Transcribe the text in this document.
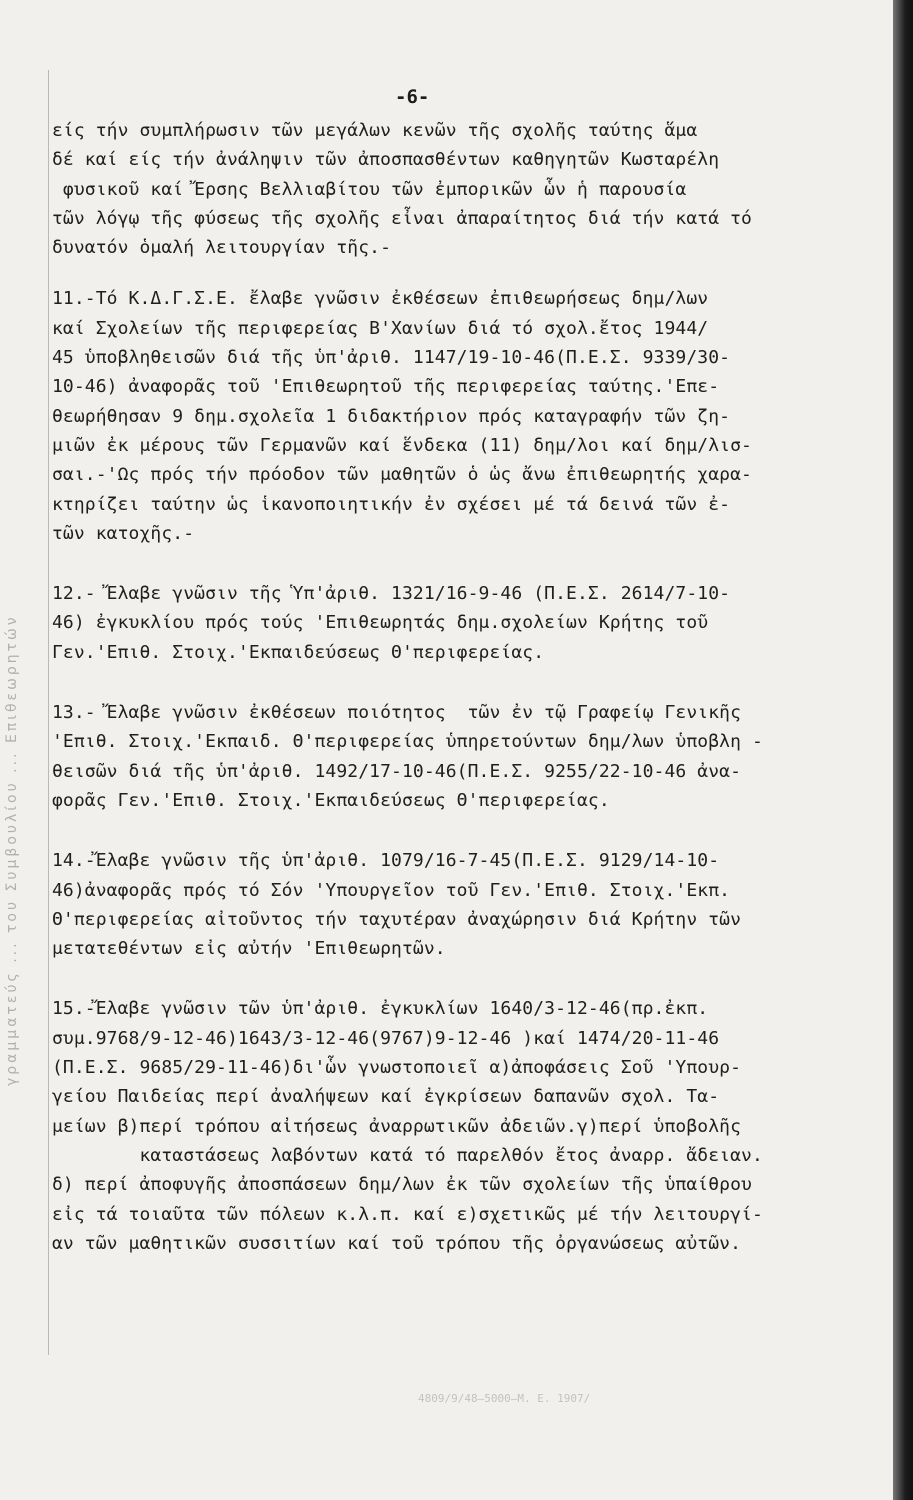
γραμματεύς ... του Συμβουλίου ... Επιθεωρητών
-6-
είς τήν συμπλήρωσιν τῶν μεγάλων κενῶν τῆς σχολῆς ταύτης ἅμα
δέ καί είς τήν ἀνάληψιν τῶν ἀποσπασθέντων καθηγητῶν Κωσταρέλη
φυσικοῦ καί Ἔρσης Βελλιαβίτου τῶν ἐμπορικῶν ὧν ἡ παρουσία
τῶν λόγῳ τῆς φύσεως τῆς σχολῆς εἶναι ἀπαραίτητος διά τήν κατά τό
δυνατόν ὁμαλή λειτουργίαν τῆς.-
11.-Τό Κ.Δ.Γ.Σ.Ε. ἔλαβε γνῶσιν ἐκθέσεων ἐπιθεωρήσεως δημ/λων
καί Σχολείων τῆς περιφερείας Β'Χανίων διά τό σχολ.ἔτος 1944/
45 ὑποβληθεισῶν διά τῆς ὑπ'ἀριθ. 1147/19-10-46(Π.Ε.Σ. 9339/30-
10-46) ἀναφορᾶς τοῦ 'Επιθεωρητοῦ τῆς περιφερείας ταύτης.'Επε-
θεωρήθησαν 9 δημ.σχολεῖα 1 διδακτήριον πρός καταγραφήν τῶν ζη-
μιῶν ἐκ μέρους τῶν Γερμανῶν καί ἕνδεκα (11) δημ/λοι καί δημ/λισ-
σαι.-'Ως πρός τήν πρόοδον τῶν μαθητῶν ὁ ὡς ἄνω ἐπιθεωρητής χαρα-
κτηρίζει ταύτην ὡς ἱκανοποιητικήν ἐν σχέσει μέ τά δεινά τῶν ἐ-
τῶν κατοχῆς.-
12.- Ἔλαβε γνῶσιν τῆς Ὑπ'ἀριθ. 1321/16-9-46 (Π.Ε.Σ. 2614/7-10-
46) ἐγκυκλίου πρός τούς 'Επιθεωρητάς δημ.σχολείων Κρήτης τοῦ
Γεν.'Επιθ. Στοιχ.'Εκπαιδεύσεως Θ'περιφερείας.
13.- Ἔλαβε γνῶσιν ἐκθέσεων ποιότητος  τῶν ἐν τῷ Γραφείῳ Γενικῆς
'Επιθ. Στοιχ.'Εκπαιδ. Θ'περιφερείας ὑπηρετούντων δημ/λων ὑποβλη -
θεισῶν διά τῆς ὑπ'ἀριθ. 1492/17-10-46(Π.Ε.Σ. 9255/22-10-46 ἀνα-
φορᾶς Γεν.'Επιθ. Στοιχ.'Εκπαιδεύσεως Θ'περιφερείας.
14.-Ἔλαβε γνῶσιν τῆς ὑπ'ἀριθ. 1079/16-7-45(Π.Ε.Σ. 9129/14-10-
46)ἀναφορᾶς πρός τό Σόν 'Υπουργεῖον τοῦ Γεν.'Επιθ. Στοιχ.'Εκπ.
Θ'περιφερείας αἰτοῦντος τήν ταχυτέραν ἀναχώρησιν διά Κρήτην τῶν
μετατεθέντων εἰς αὐτήν 'Επιθεωρητῶν.
15.-Ἔλαβε γνῶσιν τῶν ὑπ'ἀριθ. ἐγκυκλίων 1640/3-12-46(πρ.ἐκπ.
συμ.9768/9-12-46)1643/3-12-46(9767)9-12-46 )καί 1474/20-11-46
(Π.Ε.Σ. 9685/29-11-46)δι'ὧν γνωστοποιεῖ α)ἀποφάσεις Σοῦ 'Υπουρ-
γείου Παιδείας περί ἀναλήψεων καί ἐγκρίσεων δαπανῶν σχολ. Τα-
μείων β)περί τρόπου αἰτήσεως ἀναρρωτικῶν ἀδειῶν.γ)περί ὑποβολῆς
καταστάσεως λαβόντων κατά τό παρελθόν ἔτος ἀναρρ. ἄδειαν.
δ) περί ἀποφυγῆς ἀποσπάσεων δημ/λων ἐκ τῶν σχολείων τῆς ὑπαίθρου
εἰς τά τοιαῦτα τῶν πόλεων κ.λ.π. καί ε)σχετικῶς μέ τήν λειτουργί-
αν τῶν μαθητικῶν συσσιτίων καί τοῦ τρόπου τῆς ὀργανώσεως αὐτῶν.
4809/9/48—5000—Μ. Ε. 1907/
